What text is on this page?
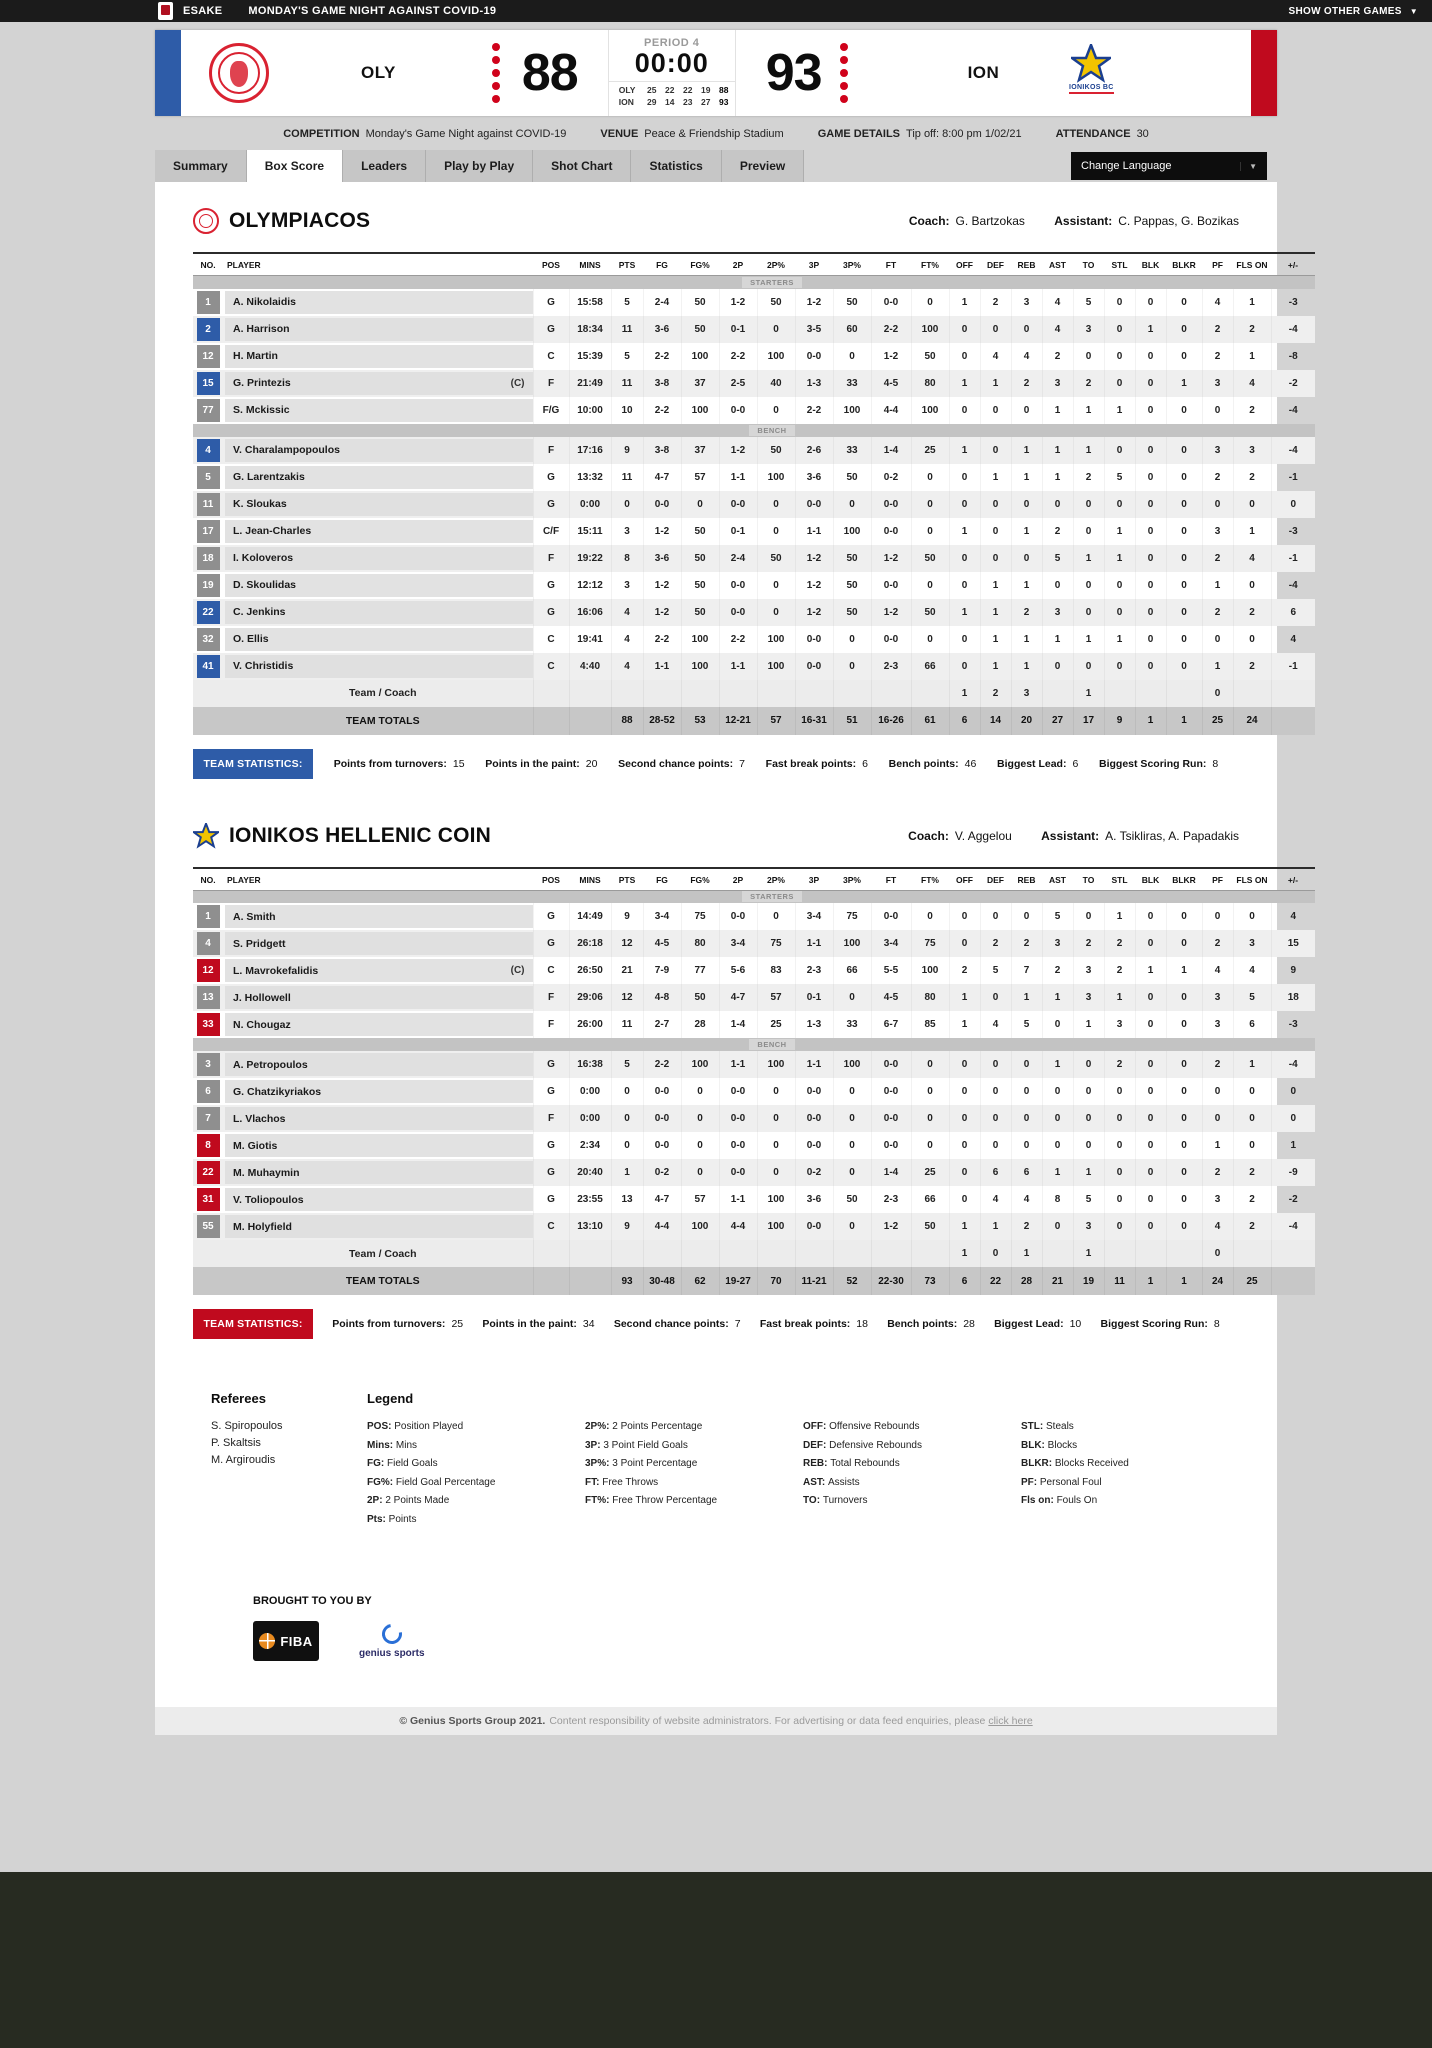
ESAKE MONDAY'S GAME NIGHT AGAINST COVID-19	SHOW OTHER GAMES ▼
OLY 88
PERIOD 4
00:00
OLY	25	22	22	19	88
ION	29	14	23	27	93 93	ION
IONIKOS BC
COMPETITION Monday's Game Night against COVID-19	VENUE Peace & Friendship Stadium	GAME DETAILS Tip off: 8:00 pm 1/02/21	ATTENDANCE 30
Summary	Box Score	Leaders	Play by Play	Shot Chart	Statistics	Preview	Change Language	▼
OLYMPIACOS	Coach: G. Bartzokas Assistant: C. Pappas, G. Bozikas
NO.	PLAYER	POS	MINS	PTS	FG	FG%	2P	2P%	3P	3P%	FT	FT%	OFF	DEF	REB	AST	TO	STL	BLK	BLKR	PF	FLS ON	+/-
STARTERS																							

1	A. Nikolaidis	G	15:58	5	2-4	50	1-2	50	1-2	50	0-0	0	1	2	3	4	5	0	0	0	4	1	-3

2	A. Harrison	G	18:34	11	3-6	50	0-1	0	3-5	60	2-2	100	0	0	0	4	3	0	1	0	2	2	-4

12	H. Martin	C	15:39	5	2-2	100	2-2	100	0-0	0	1-2	50	0	4	4	2	0	0	0	0	2	1	-8

15	G. Printezis (C)	F	21:49	11	3-8	37	2-5	40	1-3	33	4-5	80	1	1	2	3	2	0	0	1	3	4	-2

77	S. Mckissic	F/G	10:00	10	2-2	100	0-0	0	2-2	100	4-4	100	0	0	0	1	1	1	0	0	0	2	-4
BENCH																							

4	V. Charalampopoulos	F	17:16	9	3-8	37	1-2	50	2-6	33	1-4	25	1	0	1	1	1	0	0	0	3	3	-4

5	G. Larentzakis	G	13:32	11	4-7	57	1-1	100	3-6	50	0-2	0	0	1	1	1	2	5	0	0	2	2	-1

11	K. Sloukas	G	0:00	0	0-0	0	0-0	0	0-0	0	0-0	0	0	0	0	0	0	0	0	0	0	0	0

17	L. Jean-Charles	C/F	15:11	3	1-2	50	0-1	0	1-1	100	0-0	0	1	0	1	2	0	1	0	0	3	1	-3

18	I. Koloveros	F	19:22	8	3-6	50	2-4	50	1-2	50	1-2	50	0	0	0	5	1	1	0	0	2	4	-1

19	D. Skoulidas	G	12:12	3	1-2	50	0-0	0	1-2	50	0-0	0	0	1	1	0	0	0	0	0	1	0	-4

22	C. Jenkins	G	16:06	4	1-2	50	0-0	0	1-2	50	1-2	50	1	1	2	3	0	0	0	0	2	2	6

32	O. Ellis	C	19:41	4	2-2	100	2-2	100	0-0	0	0-0	0	0	1	1	1	1	1	0	0	0	0	4

41	V. Christidis	C	4:40	4	1-1	100	1-1	100	0-0	0	2-3	66	0	1	1	0	0	0	0	0	1	2	-1
	Team / Coach												1	2	3		1				0		
	TEAM TOTALS			88	28-52	53	12-21	57	16-31	51	16-26	61	6	14	20	27	17	9	1	1	25	24	
TEAM STATISTICS:	Points from turnovers: 15 Points in the paint: 20 Second chance points: 7 Fast break points: 6 Bench points: 46 Biggest Lead: 6 Biggest Scoring Run: 8
IONIKOS HELLENIC COIN	Coach: V. Aggelou Assistant: A. Tsikliras, A. Papadakis
NO.	PLAYER	POS	MINS	PTS	FG	FG%	2P	2P%	3P	3P%	FT	FT%	OFF	DEF	REB	AST	TO	STL	BLK	BLKR	PF	FLS ON	+/-
STARTERS																							

1	A. Smith	G	14:49	9	3-4	75	0-0	0	3-4	75	0-0	0	0	0	0	5	0	1	0	0	0	0	4

4	S. Pridgett	G	26:18	12	4-5	80	3-4	75	1-1	100	3-4	75	0	2	2	3	2	2	0	0	2	3	15

12	L. Mavrokefalidis (C)	C	26:50	21	7-9	77	5-6	83	2-3	66	5-5	100	2	5	7	2	3	2	1	1	4	4	9

13	J. Hollowell	F	29:06	12	4-8	50	4-7	57	0-1	0	4-5	80	1	0	1	1	3	1	0	0	3	5	18

33	N. Chougaz	F	26:00	11	2-7	28	1-4	25	1-3	33	6-7	85	1	4	5	0	1	3	0	0	3	6	-3
BENCH																							

3	A. Petropoulos	G	16:38	5	2-2	100	1-1	100	1-1	100	0-0	0	0	0	0	1	0	2	0	0	2	1	-4

6	G. Chatzikyriakos	G	0:00	0	0-0	0	0-0	0	0-0	0	0-0	0	0	0	0	0	0	0	0	0	0	0	0

7	L. Vlachos	F	0:00	0	0-0	0	0-0	0	0-0	0	0-0	0	0	0	0	0	0	0	0	0	0	0	0

8	M. Giotis	G	2:34	0	0-0	0	0-0	0	0-0	0	0-0	0	0	0	0	0	0	0	0	0	1	0	1

22	M. Muhaymin	G	20:40	1	0-2	0	0-0	0	0-2	0	1-4	25	0	6	6	1	1	0	0	0	2	2	-9

31	V. Toliopoulos	G	23:55	13	4-7	57	1-1	100	3-6	50	2-3	66	0	4	4	8	5	0	0	0	3	2	-2

55	M. Holyfield	C	13:10	9	4-4	100	4-4	100	0-0	0	1-2	50	1	1	2	0	3	0	0	0	4	2	-4
	Team / Coach												1	0	1		1				0		
	TEAM TOTALS			93	30-48	62	19-27	70	11-21	52	22-30	73	6	22	28	21	19	11	1	1	24	25	
TEAM STATISTICS:	Points from turnovers: 25 Points in the paint: 34 Second chance points: 7 Fast break points: 18 Bench points: 28 Biggest Lead: 10 Biggest Scoring Run: 8
Referees
S. Spiropoulos
P. Skaltsis
M. Argiroudis
Legend
POS: Position Played
Mins: Mins
FG: Field Goals
FG%: Field Goal Percentage
2P: 2 Points Made
Pts: Points
2P%: 2 Points Percentage
3P: 3 Point Field Goals
3P%: 3 Point Percentage
FT: Free Throws
FT%: Free Throw Percentage
OFF: Offensive Rebounds
DEF: Defensive Rebounds
REB: Total Rebounds
AST: Assists
TO: Turnovers
STL: Steals
BLK: Blocks
BLKR: Blocks Received
PF: Personal Foul
Fls on: Fouls On
BROUGHT TO YOU BY
FIBA
genius sports
© Genius Sports Group 2021. Content responsibility of website administrators. For advertising or data feed enquiries, please click here
